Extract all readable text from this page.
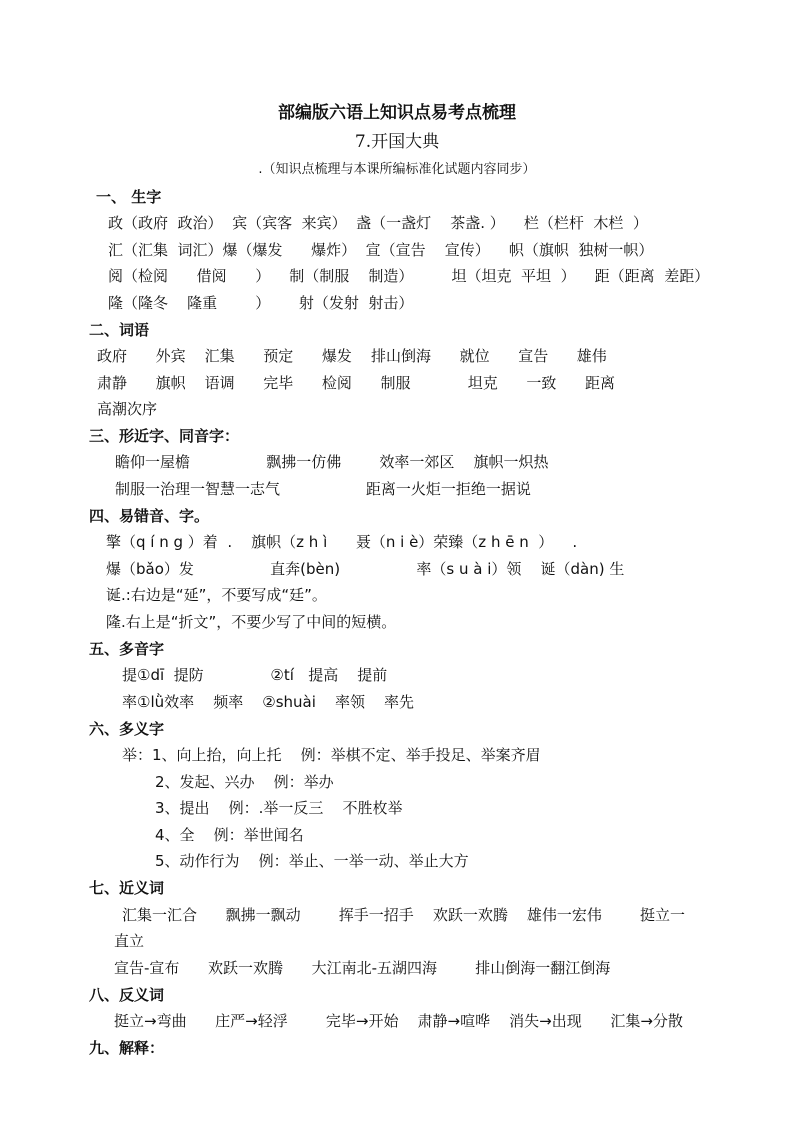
部编版六语上知识点易考点梳理
7.开国大典
.（知识点梳理与本课所编标准化试题内容同步）
一、 生字
政（政府  政治）  宾（宾客  来宾）  盏（一盏灯    茶盏. ）    栏（栏杆  木栏  ）
汇（汇集  词汇）爆（爆发      爆炸）  宣（宣告    宣传）    帜（旗帜  独树一帜）
阅（检阅      借阅      ）    制（制服    制造）        坦（坦克  平坦  ）    距（距离  差距）
隆（隆冬    隆重        ）      射（发射  射击）
二、词语
政府      外宾    汇集      预定      爆发    排山倒海      就位      宣告      雄伟
肃静      旗帜    语调      完毕      检阅      制服            坦克      一致      距离
高潮次序
三、形近字、同音字：
瞻仰一屋檐                飘拂一仿佛        效率一郊区    旗帜一炽热
制服一治理一智慧一志气                  距离一火炬一拒绝一据说
四、易错音、字。
擎（q í n g ）着  .    旗帜（z h ì      聂（n i è）荣臻（z h ē n  ）    .
爆（bǎo）发                直奔(bèn)                率（s u à i）领    诞（dàn) 生
诞.:右边是“延”，不要写成“廷”。
隆.右上是“折文”，不要少写了中间的短横。
五、多音字
提①dī  提防              ②tí   提高    提前
率①lǜ效率    频率    ②shuài    率领    率先
六、多义字
举：1、向上抬，向上托    例：举棋不定、举手投足、举案齐眉
2、发起、兴办    例：举办
3、提出    例：.举一反三    不胜枚举
4、全    例：举世闻名
5、动作行为    例：举止、一举一动、举止大方
七、近义词
汇集一汇合      飘拂一飘动        挥手一招手    欢跃一欢腾    雄伟一宏伟        挺立一
直立
宣告-宣布      欢跃一欢腾      大江南北-五湖四海        排山倒海一翻江倒海
八、反义词
挺立→弯曲      庄严→轻浮        完毕→开始    肃静→喧哗    消失→出现      汇集→分散
九、解释：
